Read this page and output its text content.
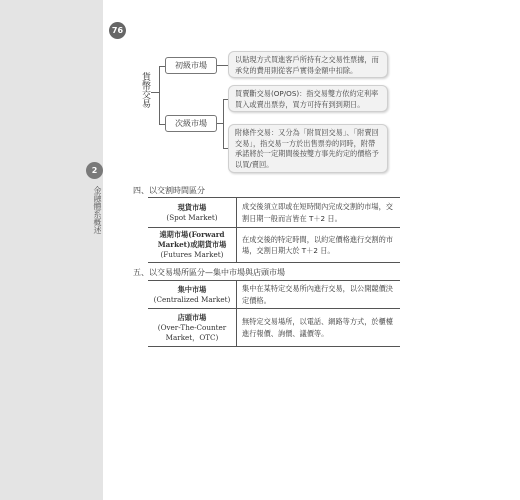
76
2
金融體系概述
貨幣交易
初級市場
以貼現方式買進客戶所持有之交易性票據，而承兌的費用則從客戶實得金額中扣除。
次級市場
買賣斷交易(OP/OS)：指交易雙方依約定利率買入或賣出票券，買方可持有到到期日。
附條件交易：又分為「附買回交易」、「附賣回交易」，指交易一方於出售票券的同時，附帶承諾將於一定期間後按雙方事先約定的價格予以買/賣回。
四、以交割時間區分
現貨市場
(Spot Market)	成交後須立即或在短時間內完成交割的市場，交割日期一般而言皆在 T＋2 日。

遠期市場(Forward
Market)或期貨市場
(Futures Market)	在成交後的特定時間，以約定價格進行交割的市場，交割日期大於 T＋2 日。
五、以交易場所區分—集中市場與店頭市場
集中市場
(Centralized Market)	集中在某特定交易所內進行交易，以公開競價決定價格。

店頭市場
(Over-The-Counter
Market，OTC)	無特定交易場所，以電話、網路等方式，於櫃檯進行報價、詢價、議價等。
